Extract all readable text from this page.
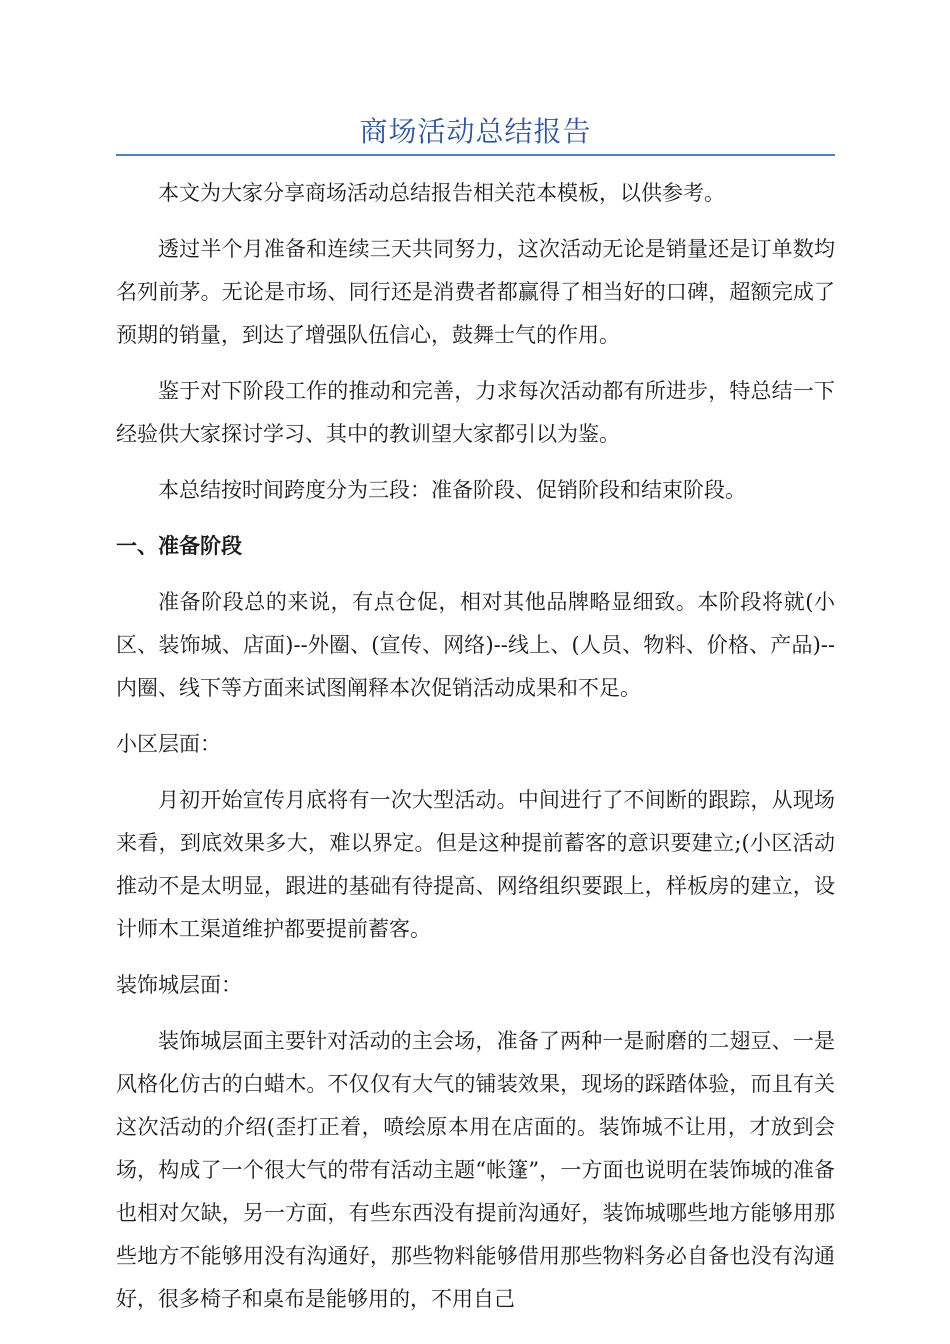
商场活动总结报告

本文为大家分享商场活动总结报告相关范本模板，以供参考。

透过半个月准备和连续三天共同努力，这次活动无论是销量还是订单数均名列前茅。无论是市场、同行还是消费者都赢得了相当好的口碑，超额完成了预期的销量，到达了增强队伍信心，鼓舞士气的作用。

鉴于对下阶段工作的推动和完善，力求每次活动都有所进步，特总结一下经验供大家探讨学习、其中的教训望大家都引以为鉴。

本总结按时间跨度分为三段：准备阶段、促销阶段和结束阶段。

一、准备阶段

准备阶段总的来说，有点仓促，相对其他品牌略显细致。本阶段将就(小区、装饰城、店面)--外圈、(宣传、网络)--线上、(人员、物料、价格、产品)--内圈、线下等方面来试图阐释本次促销活动成果和不足。

小区层面：

月初开始宣传月底将有一次大型活动。中间进行了不间断的跟踪，从现场来看，到底效果多大，难以界定。但是这种提前蓄客的意识要建立;(小区活动推动不是太明显，跟进的基础有待提高、网络组织要跟上，样板房的建立，设计师木工渠道维护都要提前蓄客。

装饰城层面：

装饰城层面主要针对活动的主会场，准备了两种一是耐磨的二翅豆、一是风格化仿古的白蜡木。不仅仅有大气的铺装效果，现场的踩踏体验，而且有关这次活动的介绍(歪打正着，喷绘原本用在店面的。装饰城不让用，才放到会场，构成了一个很大气的带有活动主题“帐篷”，一方面也说明在装饰城的准备也相对欠缺，另一方面，有些东西没有提前沟通好，装饰城哪些地方能够用那些地方不能够用没有沟通好，那些物料能够借用那些物料务必自备也没有沟通好，很多椅子和桌布是能够用的，不用自己
